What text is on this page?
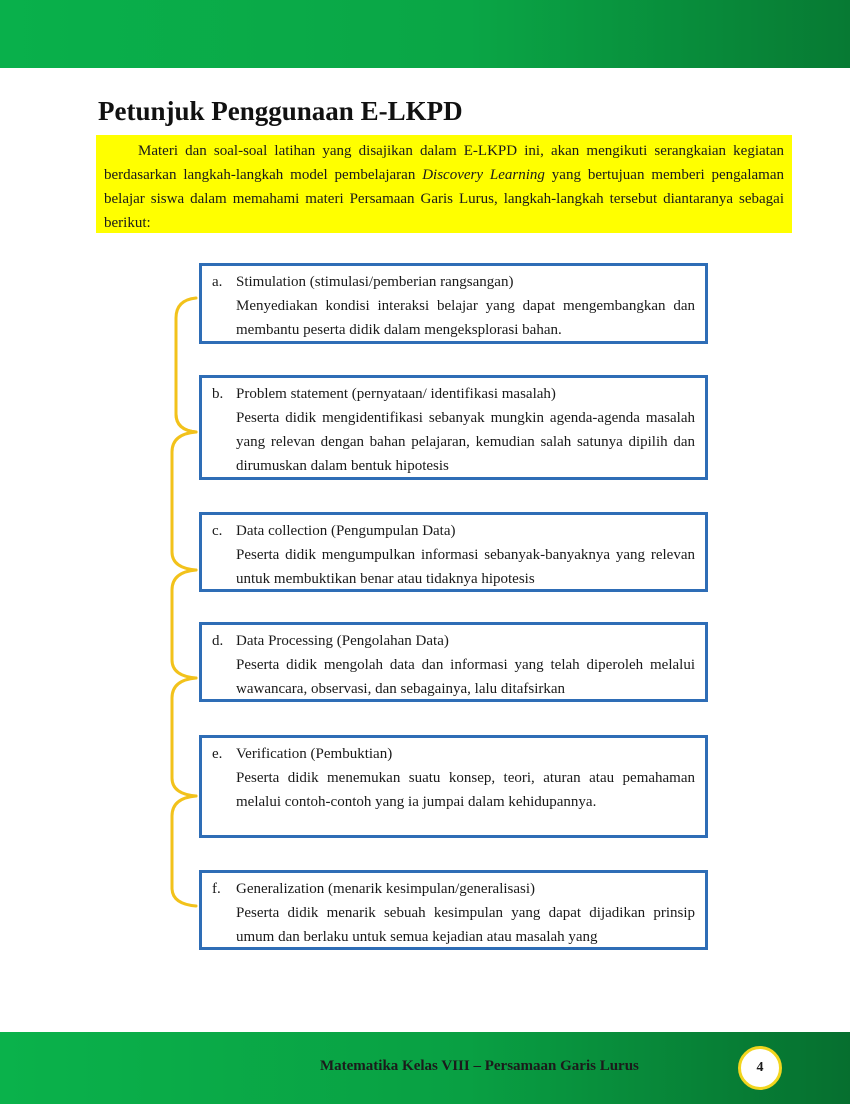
Petunjuk Penggunaan E-LKPD

Materi dan soal-soal latihan yang disajikan dalam E-LKPD ini, akan mengikuti serangkaian kegiatan berdasarkan langkah-langkah model pembelajaran Discovery Learning yang bertujuan memberi pengalaman belajar siswa dalam memahami materi Persamaan Garis Lurus, langkah-langkah tersebut diantaranya sebagai berikut:

a. Stimulation (stimulasi/pemberian rangsangan)
Menyediakan kondisi interaksi belajar yang dapat mengembangkan dan membantu peserta didik dalam mengeksplorasi bahan.
b. Problem statement (pernyataan/ identifikasi masalah)
Peserta didik mengidentifikasi sebanyak mungkin agenda-agenda masalah yang relevan dengan bahan pelajaran, kemudian salah satunya dipilih dan dirumuskan dalam bentuk hipotesis
c. Data collection (Pengumpulan Data)
Peserta didik mengumpulkan informasi sebanyak-banyaknya yang relevan untuk membuktikan benar atau tidaknya hipotesis
d. Data Processing (Pengolahan Data)
Peserta didik mengolah data dan informasi yang telah diperoleh melalui wawancara, observasi, dan sebagainya, lalu ditafsirkan
e. Verification (Pembuktian)
Peserta didik menemukan suatu konsep, teori, aturan atau pemahaman melalui contoh-contoh yang ia jumpai dalam kehidupannya.
f.	Generalization (menarik kesimpulan/generalisasi)
Peserta didik menarik sebuah kesimpulan yang dapat dijadikan prinsip umum dan berlaku untuk semua kejadian atau masalah yang
Matematika Kelas VIII – Persamaan Garis Lurus	4
